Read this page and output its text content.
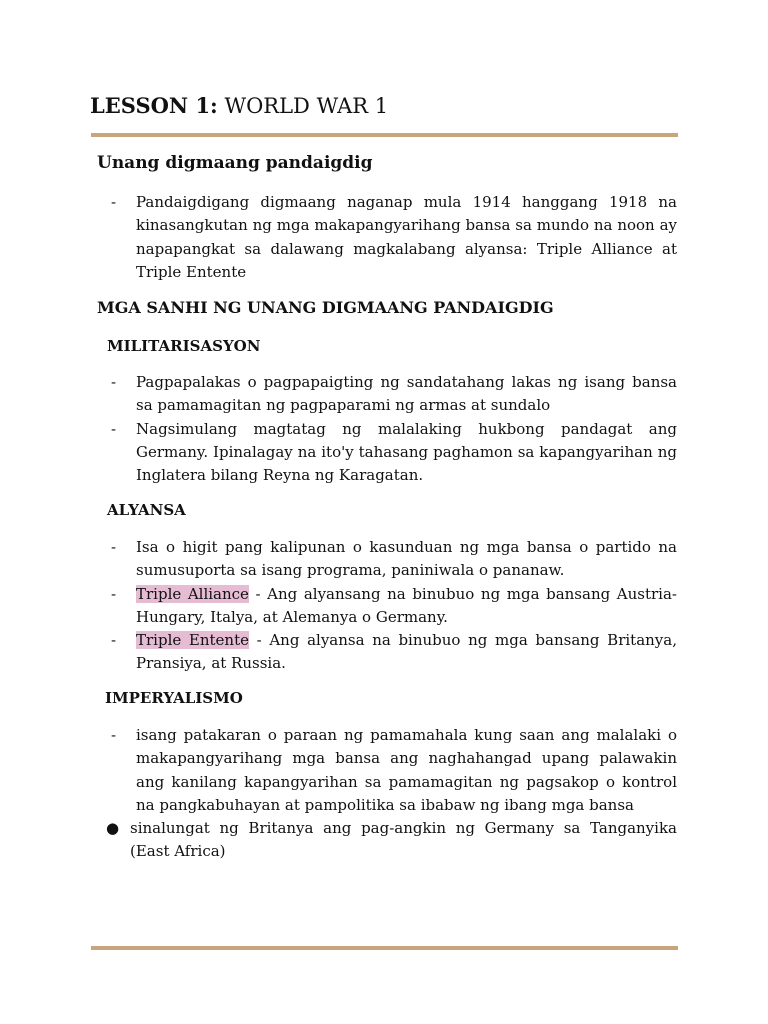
LESSON 1: WORLD WAR 1
Unang digmaang pandaigdig
- Pandaigdigang digmaang naganap mula 1914 hanggang 1918 na kinasangkutan ng mga makapangyarihang bansa sa mundo na noon ay napapangkat sa dalawang magkalabang alyansa: Triple Alliance at Triple Entente
MGA SANHI NG UNANG DIGMAANG PANDAIGDIG
MILITARISASYON
- Pagpapalakas o pagpapaigting ng sandatahang lakas ng isang bansa sa pamamagitan ng pagpaparami ng armas at sundalo
- Nagsimulang magtatag ng malalaking hukbong pandagat ang Germany. Ipinalagay na ito'y tahasang paghamon sa kapangyarihan ng Inglatera bilang Reyna ng Karagatan.
ALYANSA
- Isa o higit pang kalipunan o kasunduan ng mga bansa o partido na sumusuporta sa isang programa, paniniwala o pananaw.
- Triple Alliance - Ang alyansang na binubuo ng mga bansang Austria-Hungary, Italya, at Alemanya o Germany.
- Triple Entente - Ang alyansa na binubuo ng mga bansang Britanya, Pransiya, at Russia.
IMPERYALISMO
- isang patakaran o paraan ng pamamahala kung saan ang malalaki o makapangyarihang mga bansa ang naghahangad upang palawakin ang kanilang kapangyarihan sa pamamagitan ng pagsakop o kontrol na pangkabuhayan at pampolitika sa ibabaw ng ibang mga bansa
● sinalungat ng Britanya ang pag-angkin ng Germany sa Tanganyika (East Africa)
